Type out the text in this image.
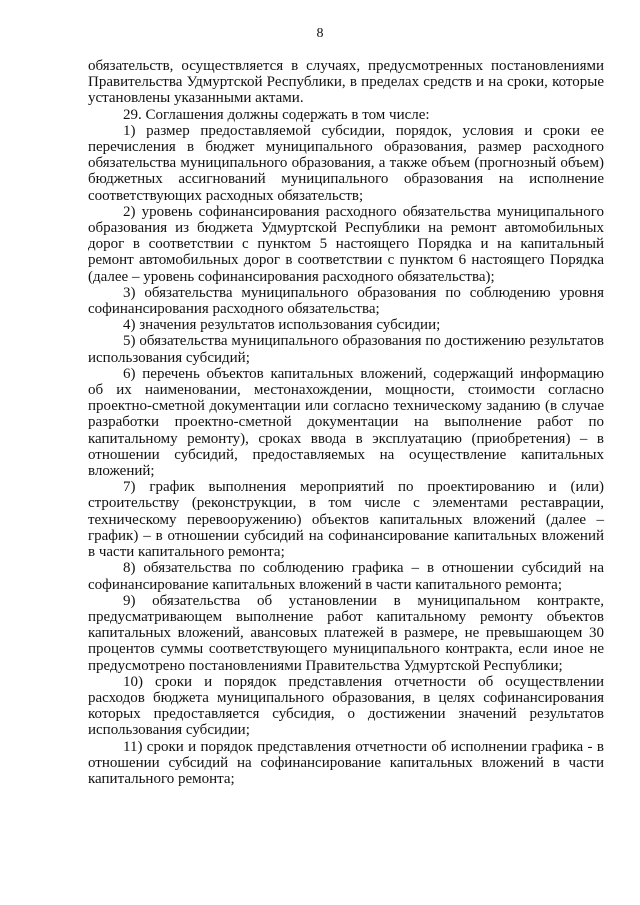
8

обязательств, осуществляется в случаях, предусмотренных постановлениями Правительства Удмуртской Республики, в пределах средств и на сроки, которые установлены указанными актами.

29. Соглашения должны содержать в том числе:

1) размер предоставляемой субсидии, порядок, условия и сроки ее перечисления в бюджет муниципального образования, размер расходного обязательства муниципального образования, а также объем (прогнозный объем) бюджетных ассигнований муниципального образования на исполнение соответствующих расходных обязательств;

2) уровень софинансирования расходного обязательства муниципального образования из бюджета Удмуртской Республики на ремонт автомобильных дорог в соответствии с пунктом 5 настоящего Порядка и на капитальный ремонт автомобильных дорог в соответствии с пунктом 6 настоящего Порядка (далее – уровень софинансирования расходного обязательства);

3) обязательства муниципального образования по соблюдению уровня софинансирования расходного обязательства;

4) значения результатов использования субсидии;

5) обязательства муниципального образования по достижению результатов использования субсидий;

6) перечень объектов капитальных вложений, содержащий информацию об их наименовании, местонахождении, мощности, стоимости согласно проектно-сметной документации или согласно техническому заданию (в случае разработки проектно-сметной документации на выполнение работ по капитальному ремонту), сроках ввода в эксплуатацию (приобретения) – в отношении субсидий, предоставляемых на осуществление капитальных вложений;

7) график выполнения мероприятий по проектированию и (или) строительству (реконструкции, в том числе с элементами реставрации, техническому перевооружению) объектов капитальных вложений (далее – график) – в отношении субсидий на софинансирование капитальных вложений в части капитального ремонта;

8) обязательства по соблюдению графика – в отношении субсидий на софинансирование капитальных вложений в части капитального ремонта;

9) обязательства об установлении в муниципальном контракте, предусматривающем выполнение работ капитальному ремонту объектов капитальных вложений, авансовых платежей в размере, не превышающем 30 процентов суммы соответствующего муниципального контракта, если иное не предусмотрено постановлениями Правительства Удмуртской Республики;

10) сроки и порядок представления отчетности об осуществлении расходов бюджета муниципального образования, в целях софинансирования которых предоставляется субсидия, о достижении значений результатов использования субсидии;

11) сроки и порядок представления отчетности об исполнении графика - в отношении субсидий на софинансирование капитальных вложений в части капитального ремонта;
